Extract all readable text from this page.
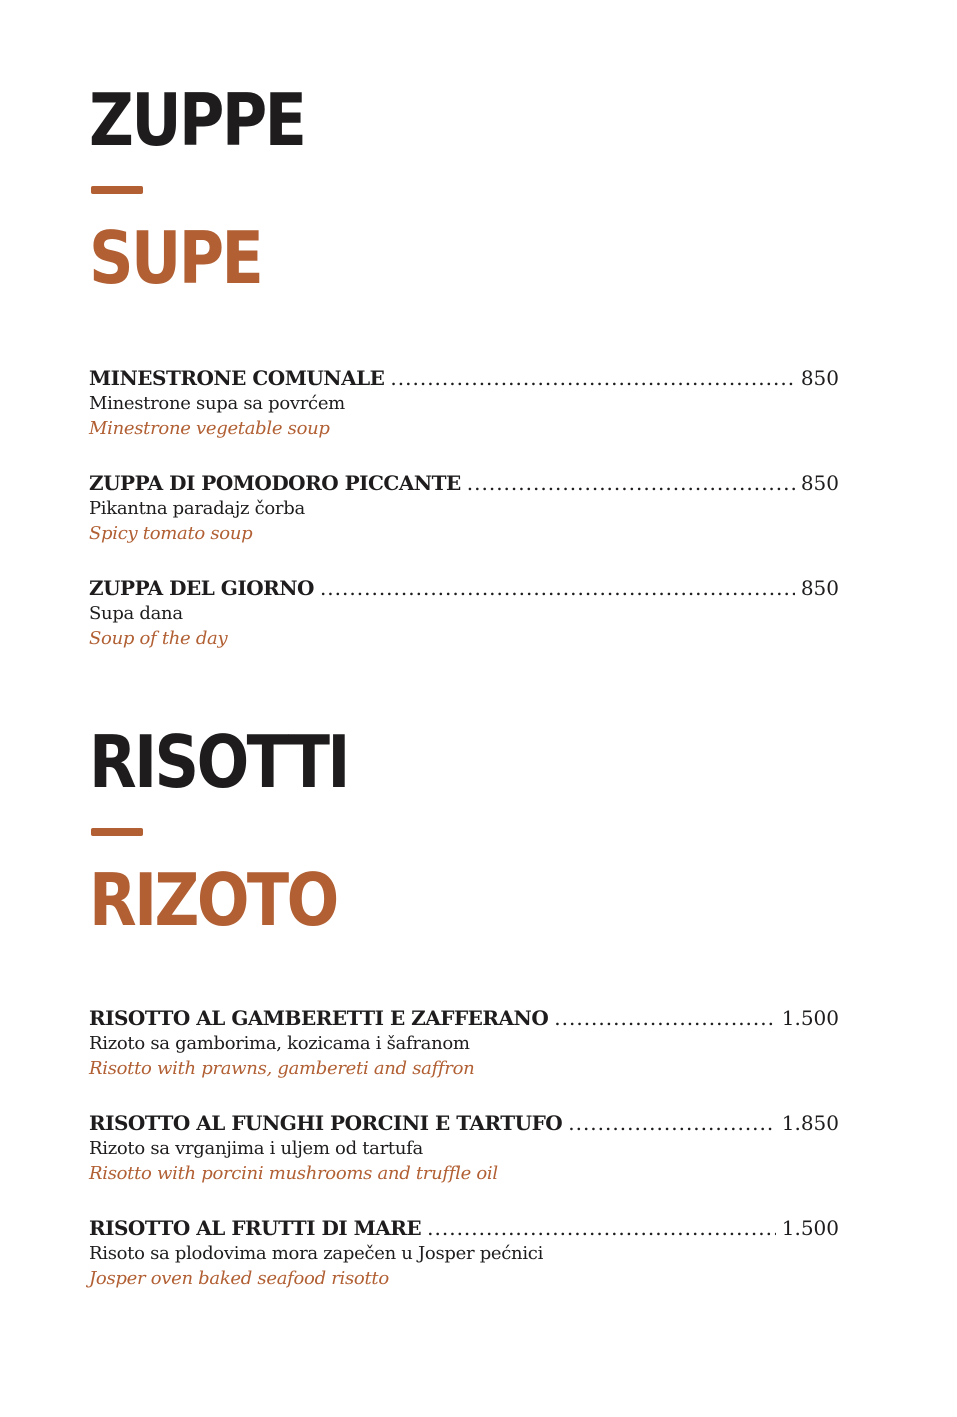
ZUPPE
SUPE
MINESTRONE COMUNALE .....	850
Minestrone supa sa povrćem
Minestrone vegetable soup
ZUPPA DI POMODORO PICCANTE .....	850
Pikantna paradajz čorba
Spicy tomato soup
ZUPPA DEL GIORNO .....	850
Supa dana
Soup of the day
RISOTTI
RIZOTO
RISOTTO AL GAMBERETTI E ZAFFERANO .....	1.500
Rizoto sa gamborima, kozicama i šafranom
Risotto with prawns, gambereti and saffron
RISOTTO AL FUNGHI PORCINI E TARTUFO .....	1.850
Rizoto sa vrganjima i uljem od tartufa
Risotto with porcini mushrooms and truffle oil
RISOTTO AL FRUTTI DI MARE .....	1.500
Risoto sa plodovima mora zapečen u Josper pećnici
Josper oven baked seafood risotto
